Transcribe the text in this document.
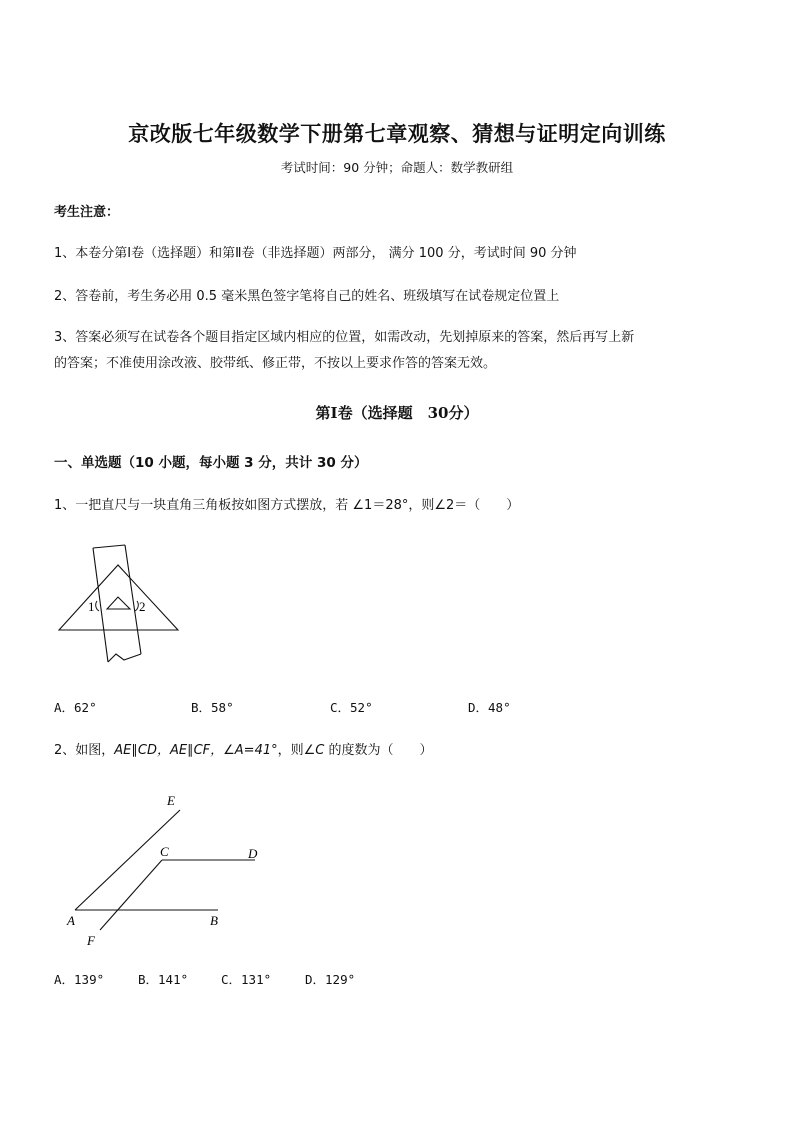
京改版七年级数学下册第七章观察、猜想与证明定向训练
考试时间：90 分钟；命题人：数学教研组
考生注意：
1、本卷分第Ⅰ卷（选择题）和第Ⅱ卷（非选择题）两部分， 满分 100 分，考试时间 90 分钟
2、答卷前，考生务必用 0.5 毫米黑色签字笔将自己的姓名、班级填写在试卷规定位置上
3、答案必须写在试卷各个题目指定区域内相应的位置，如需改动，先划掉原来的答案，然后再写上新
的答案；不准使用涂改液、胶带纸、修正带，不按以上要求作答的答案无效。
第Ⅰ卷（选择题　30分）
一、单选题（10 小题，每小题 3 分，共计 30 分）
1、一把直尺与一块直角三角板按如图方式摆放，若 ∠1＝28°，则∠2＝（　　）
1	2
A．62°	B．58°	C．52°	D．48°
2、如图，AE∥CD，AE∥CF，∠A=41°，则∠C 的度数为（　　）
E
C	D
A	B
F
A．139°	B．141°	C．131°	D．129°
